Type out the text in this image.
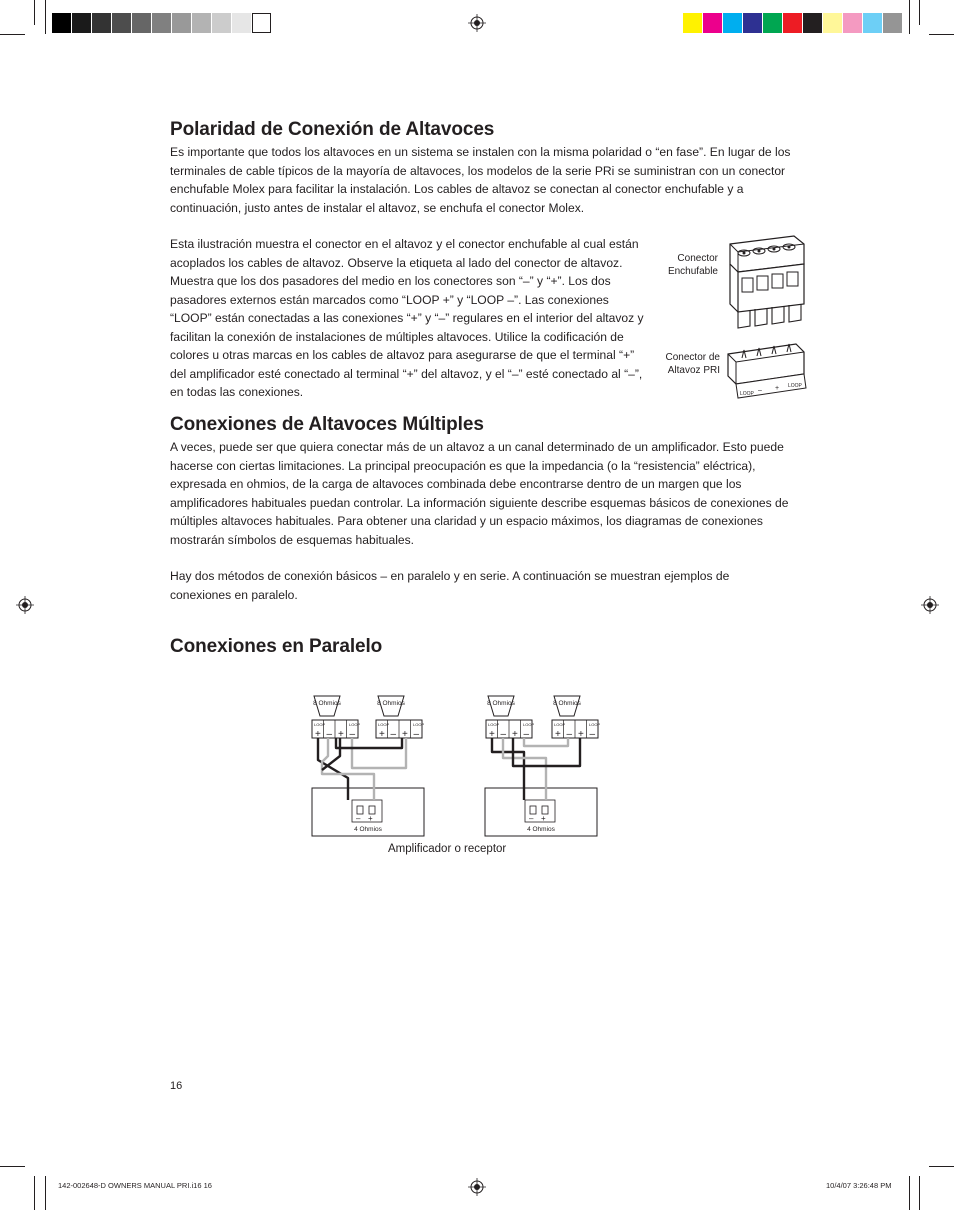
Polaridad de Conexión de Altavoces

Es importante que todos los altavoces en un sistema se instalen con la misma polaridad o “en fase”. En lugar de los terminales de cable típicos de la mayoría de altavoces, los modelos de la serie PRi se suministran con un conector enchufable Molex para facilitar la instalación. Los cables de altavoz se conectan al conector enchufable y a continuación, justo antes de instalar el altavoz, se enchufa el conector Molex.

Esta ilustración muestra el conector en el altavoz y el conector enchufable al cual están acoplados los cables de altavoz. Observe la etiqueta al lado del conector de altavoz. Muestra que los dos pasadores del medio en los conectores son “–” y “+”. Los dos pasadores externos están marcados como “LOOP +” y “LOOP –”. Las conexiones “LOOP” están conectadas a las conexiones “+” y “–” regulares en el interior del altavoz y facilitan la conexión de instalaciones de múltiples altavoces. Utilice la codificación de colores u otras marcas en los cables de altavoz para asegurarse de que el terminal “+” del amplificador esté conectado al terminal “+” del altavoz, y el “–” esté conectado al “–”, en todas las conexiones.

Conector
Enchufable
Conector de
Altavoz PRI
LOOP – + LOOP
Conexiones de Altavoces Múltiples

A veces, puede ser que quiera conectar más de un altavoz a un canal determinado de un amplificador. Esto puede hacerse con ciertas limitaciones. La principal preocupación es que la impedancia (o la “resistencia” eléctrica), expresada en ohmios, de la carga de altavoces combinada debe encontrarse dentro de un margen que los amplificadores habituales puedan controlar. La información siguiente describe esquemas básicos de conexiones de múltiples altavoces habituales. Para obtener una claridad y un espacio máximos, los diagramas de conexiones mostrarán símbolos de esquemas habituales.

Hay dos métodos de conexión básicos – en paralelo y en serie. A continuación se muestran ejemplos de conexiones en paralelo.

Conexiones en Paralelo
8 Ohmios
LOOP	LOOP
+ – + –
8 Ohmios
LOOP	LOOP
+ – + –
– +
4 Ohmios
8 Ohmios
LOOP	LOOP
+ – + –
8 Ohmios
LOOP	LOOP
+ – + –
– +
4 Ohmios
Amplificador o receptor
16
142-002648-D OWNERS MANUAL PRI.i16 16	10/4/07 3:26:48 PM
